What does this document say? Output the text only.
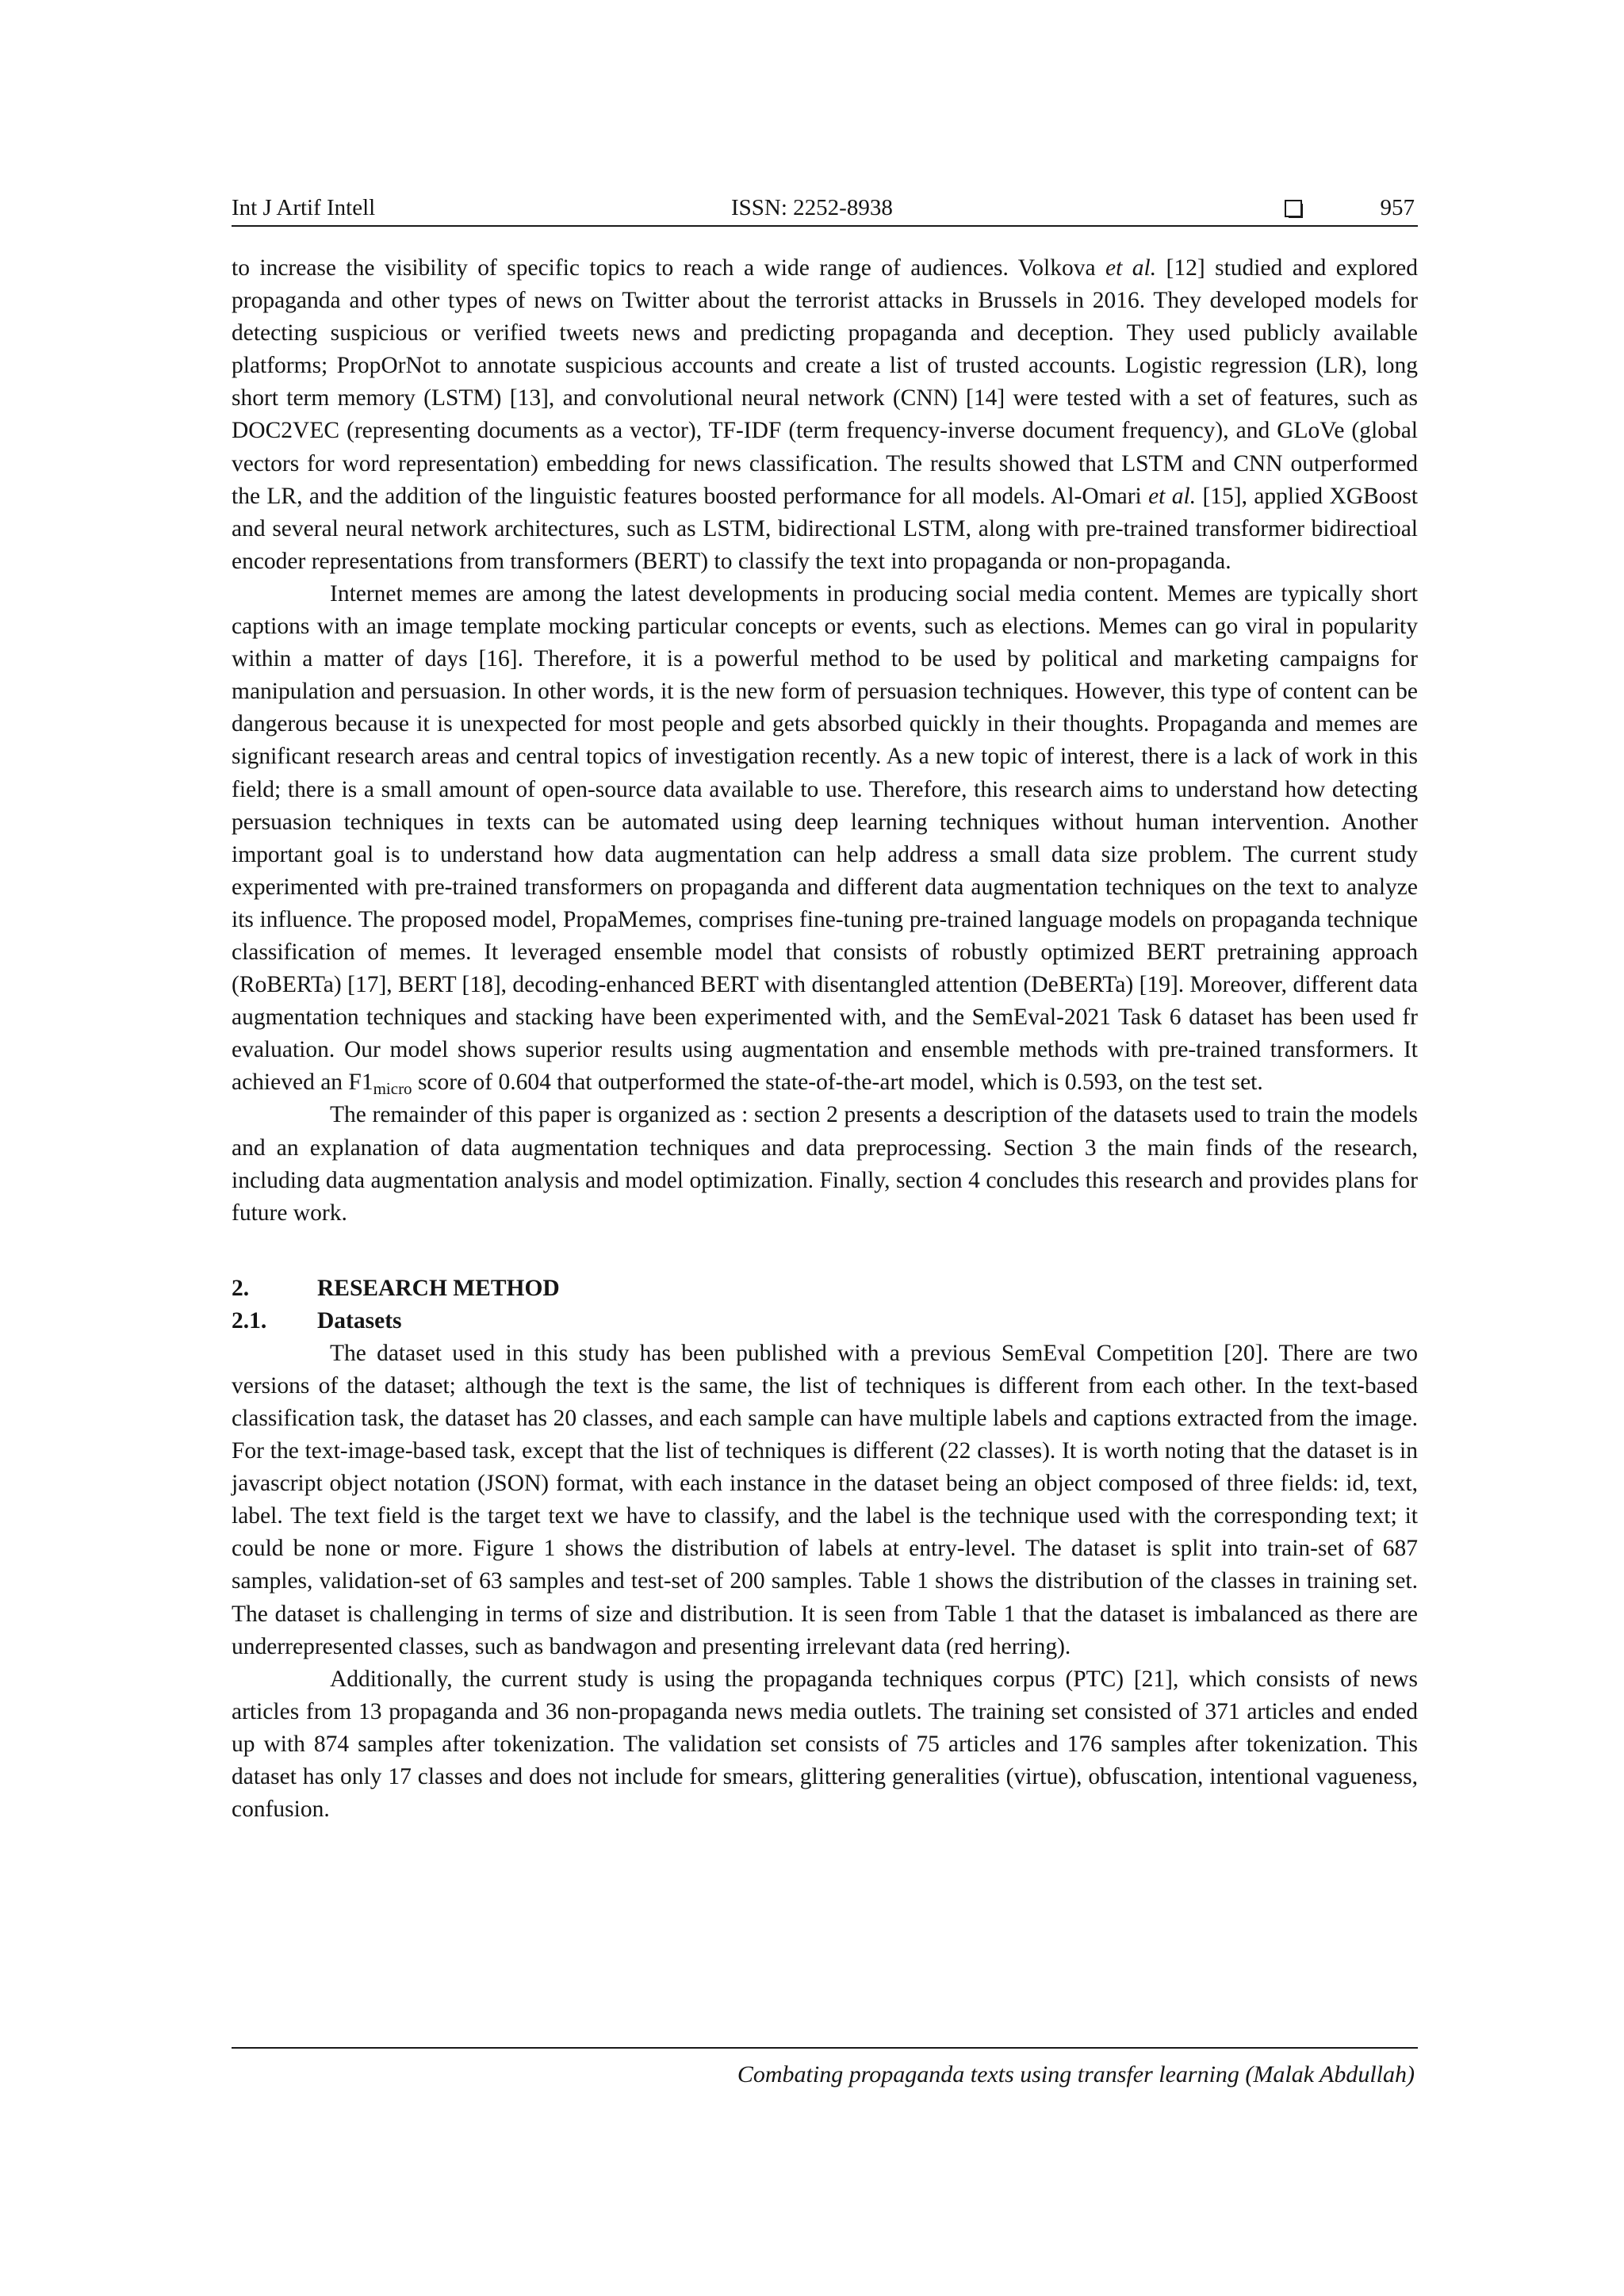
Int J Artif Intell	ISSN: 2252-8938	957

to increase the visibility of specific topics to reach a wide range of audiences. Volkova et al. [12] studied and explored propaganda and other types of news on Twitter about the terrorist attacks in Brussels in 2016. They developed models for detecting suspicious or verified tweets news and predicting propaganda and deception. They used publicly available platforms; PropOrNot to annotate suspicious accounts and create a list of trusted accounts. Logistic regression (LR), long short term memory (LSTM) [13], and convolutional neural network (CNN) [14] were tested with a set of features, such as DOC2VEC (representing documents as a vector), TF-IDF (term frequency-inverse document frequency), and GLoVe (global vectors for word representation) embedding for news classification. The results showed that LSTM and CNN outperformed the LR, and the addition of the linguistic features boosted performance for all models. Al-Omari et al. [15], applied XGBoost and several neural network architectures, such as LSTM, bidirectional LSTM, along with pre-trained transformer bidirectioal encoder representations from transformers (BERT) to classify the text into propaganda or non-propaganda.

Internet memes are among the latest developments in producing social media content. Memes are typically short captions with an image template mocking particular concepts or events, such as elections. Memes can go viral in popularity within a matter of days [16]. Therefore, it is a powerful method to be used by political and marketing campaigns for manipulation and persuasion. In other words, it is the new form of persuasion techniques. However, this type of content can be dangerous because it is unexpected for most people and gets absorbed quickly in their thoughts. Propaganda and memes are significant research areas and central topics of investigation recently. As a new topic of interest, there is a lack of work in this field; there is a small amount of open-source data available to use. Therefore, this research aims to understand how detecting persuasion techniques in texts can be automated using deep learning techniques without human intervention. Another important goal is to understand how data augmentation can help address a small data size problem. The current study experimented with pre-trained transformers on propaganda and different data augmentation techniques on the text to analyze its influence. The proposed model, PropaMemes, comprises fine-tuning pre-trained language models on propaganda technique classification of memes. It leveraged ensemble model that consists of robustly optimized BERT pretraining approach (RoBERTa) [17], BERT [18], decoding-enhanced BERT with disentangled attention (DeBERTa) [19]. Moreover, different data augmentation techniques and stacking have been experimented with, and the SemEval-2021 Task 6 dataset has been used fr evaluation. Our model shows superior results using augmentation and ensemble methods with pre-trained transformers. It achieved an $F1_{micro}$ score of 0.604 that outperformed the state-of-the-art model, which is 0.593, on the test set.

The remainder of this paper is organized as : section 2 presents a description of the datasets used to train the models and an explanation of data augmentation techniques and data preprocessing. Section 3 the main finds of the research, including data augmentation analysis and model optimization. Finally, section 4 concludes this research and provides plans for future work.

2.	RESEARCH METHOD
2.1. Datasets

The dataset used in this study has been published with a previous SemEval Competition [20]. There are two versions of the dataset; although the text is the same, the list of techniques is different from each other. In the text-based classification task, the dataset has 20 classes, and each sample can have multiple labels and captions extracted from the image. For the text-image-based task, except that the list of techniques is different (22 classes). It is worth noting that the dataset is in javascript object notation (JSON) format, with each instance in the dataset being an object composed of three fields: id, text, label. The text field is the target text we have to classify, and the label is the technique used with the corresponding text; it could be none or more. Figure 1 shows the distribution of labels at entry-level. The dataset is split into train-set of 687 samples, validation-set of 63 samples and test-set of 200 samples. Table 1 shows the distribution of the classes in training set. The dataset is challenging in terms of size and distribution. It is seen from Table 1 that the dataset is imbalanced as there are underrepresented classes, such as bandwagon and presenting irrelevant data (red herring).

Additionally, the current study is using the propaganda techniques corpus (PTC) [21], which consists of news articles from 13 propaganda and 36 non-propaganda news media outlets. The training set consisted of 371 articles and ended up with 874 samples after tokenization. The validation set consists of 75 articles and 176 samples after tokenization. This dataset has only 17 classes and does not include for smears, glittering generalities (virtue), obfuscation, intentional vagueness, confusion.

Combating propaganda texts using transfer learning (Malak Abdullah)
